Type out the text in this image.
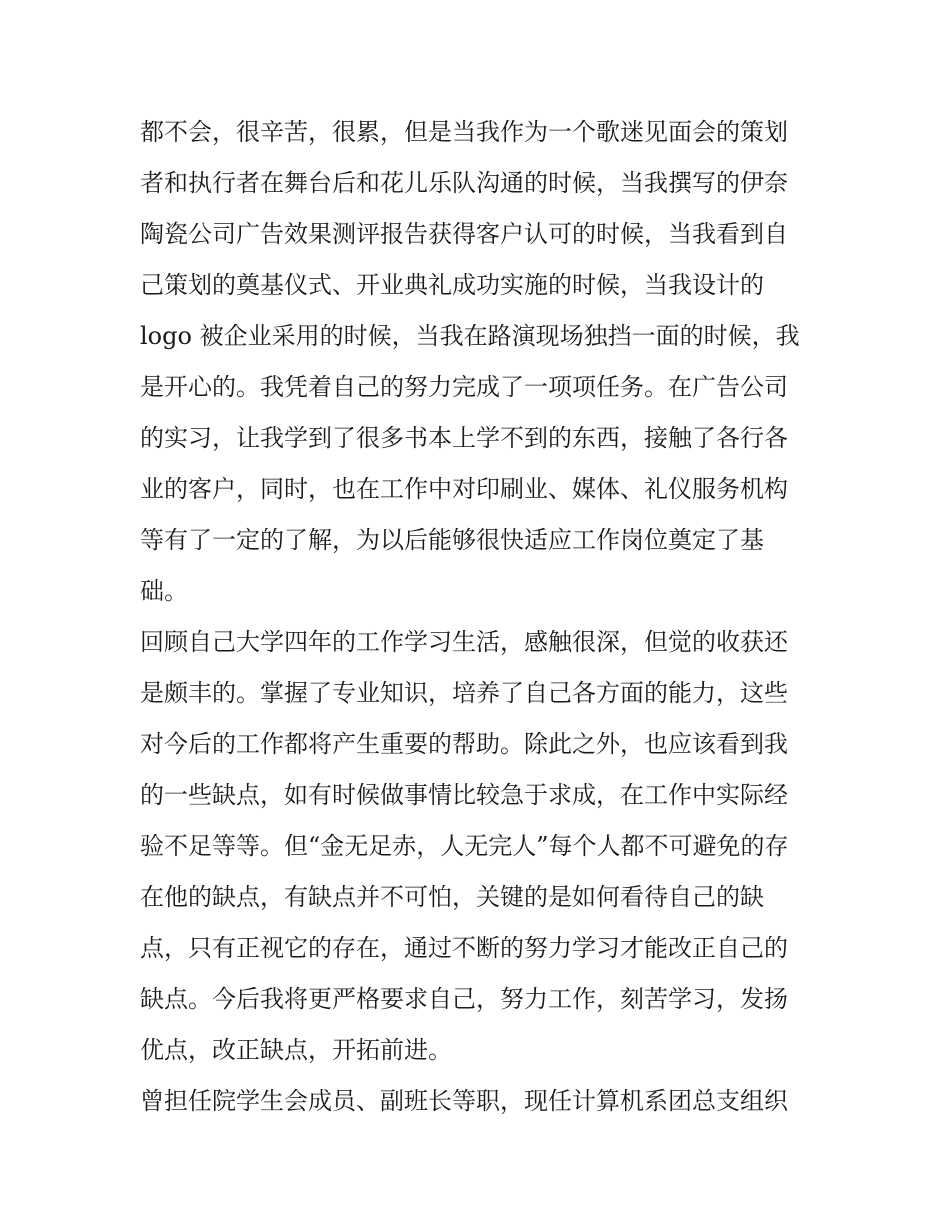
都不会，很辛苦，很累，但是当我作为一个歌迷见面会的策划
者和执行者在舞台后和花儿乐队沟通的时候，当我撰写的伊奈
陶瓷公司广告效果测评报告获得客户认可的时候，当我看到自
己策划的奠基仪式、开业典礼成功实施的时候，当我设计的
logo 被企业采用的时候，当我在路演现场独挡一面的时候，我
是开心的。我凭着自己的努力完成了一项项任务。在广告公司
的实习，让我学到了很多书本上学不到的东西，接触了各行各
业的客户，同时，也在工作中对印刷业、媒体、礼仪服务机构
等有了一定的了解，为以后能够很快适应工作岗位奠定了基
础。
回顾自己大学四年的工作学习生活，感触很深，但觉的收获还
是颇丰的。掌握了专业知识，培养了自己各方面的能力，这些
对今后的工作都将产生重要的帮助。除此之外，也应该看到我
的一些缺点，如有时候做事情比较急于求成，在工作中实际经
验不足等等。但“金无足赤，人无完人”每个人都不可避免的存
在他的缺点，有缺点并不可怕，关键的是如何看待自己的缺
点，只有正视它的存在，通过不断的努力学习才能改正自己的
缺点。今后我将更严格要求自己，努力工作，刻苦学习，发扬
优点，改正缺点，开拓前进。
曾担任院学生会成员、副班长等职，现任计算机系团总支组织
